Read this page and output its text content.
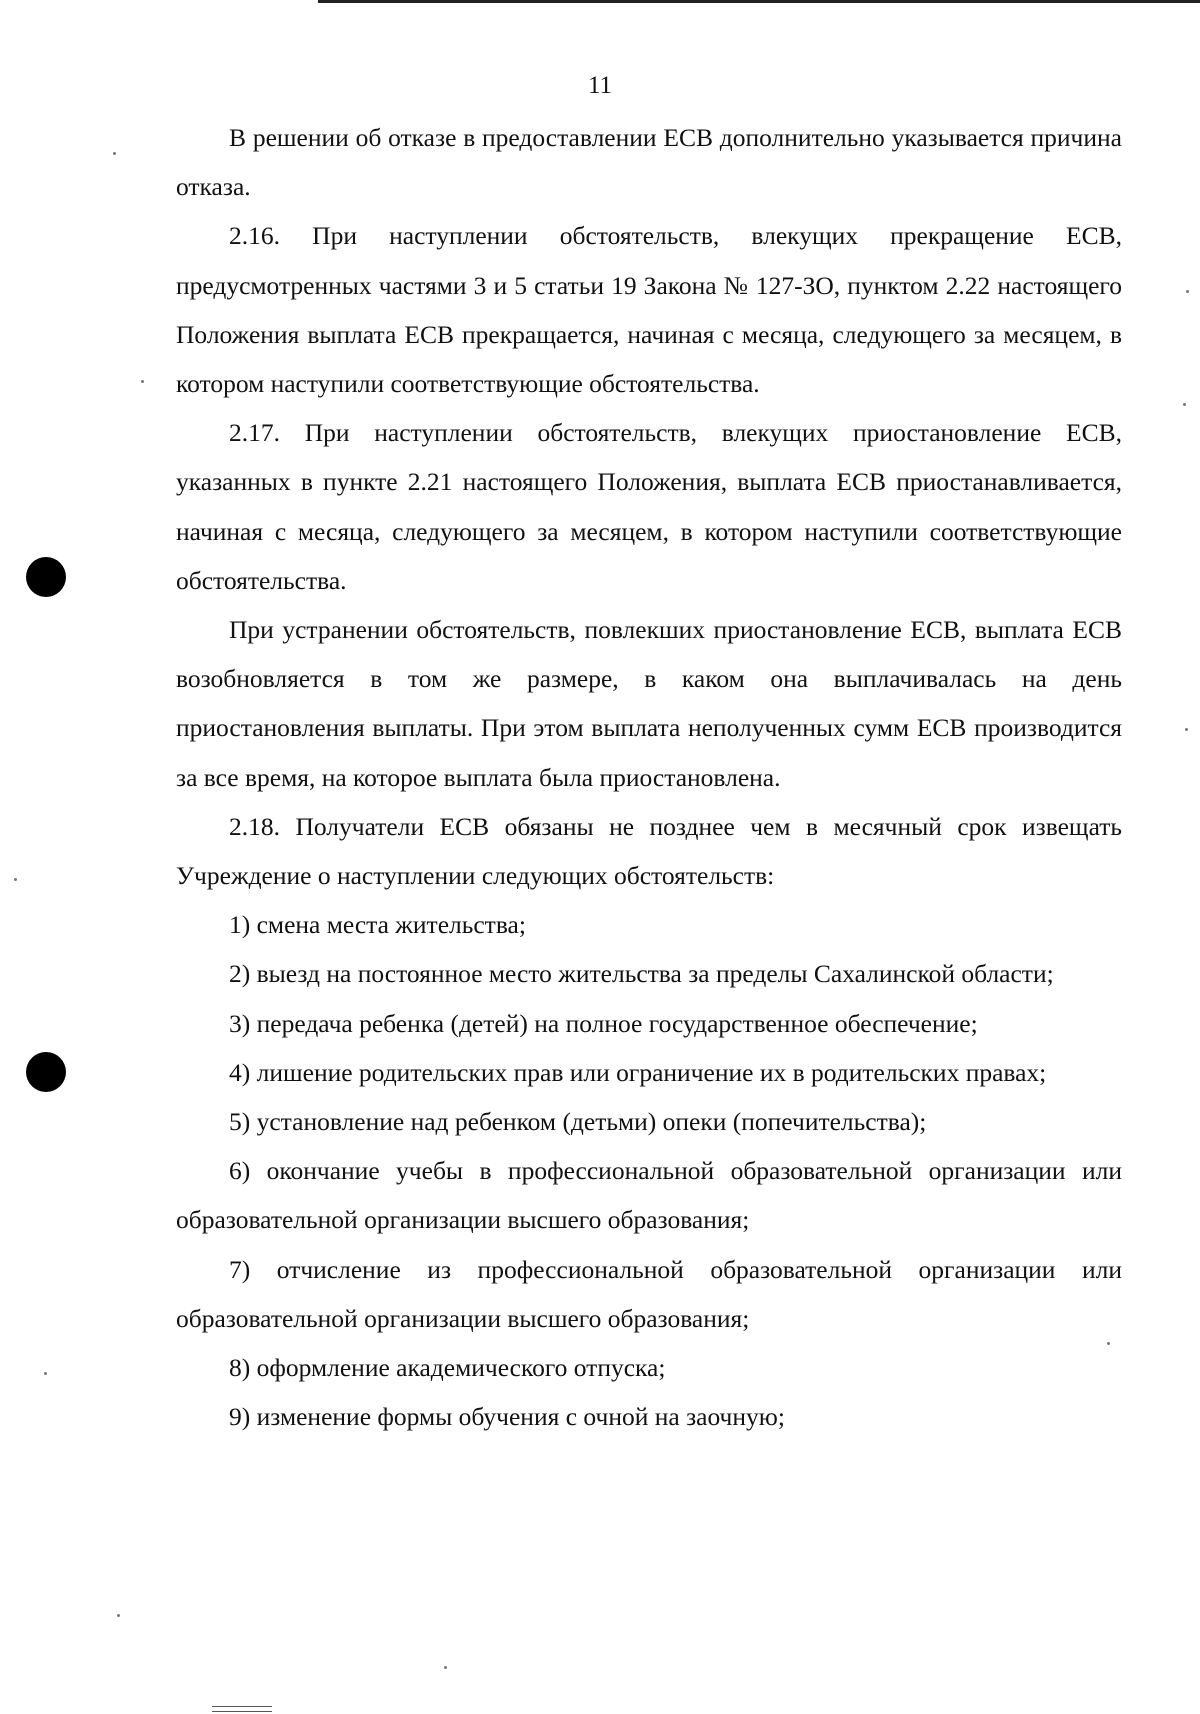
11

В решении об отказе в предоставлении ЕСВ дополнительно указывается причина отказа.

2.16. При наступлении обстоятельств, влекущих прекращение ЕСВ, предусмотренных частями 3 и 5 статьи 19 Закона № 127-ЗО, пунктом 2.22 настоящего Положения выплата ЕСВ прекращается, начиная с месяца, следующего за месяцем, в котором наступили соответствующие обстоятельства.

2.17. При наступлении обстоятельств, влекущих приостановление ЕСВ, указанных в пункте 2.21 настоящего Положения, выплата ЕСВ приостанавливается, начиная с месяца, следующего за месяцем, в котором наступили соответствующие обстоятельства.

При устранении обстоятельств, повлекших приостановление ЕСВ, выплата ЕСВ возобновляется в том же размере, в каком она выплачивалась на день приостановления выплаты. При этом выплата неполученных сумм ЕСВ производится за все время, на которое выплата была приостановлена.

2.18. Получатели ЕСВ обязаны не позднее чем в месячный срок извещать Учреждение о наступлении следующих обстоятельств:

1) смена места жительства;

2) выезд на постоянное место жительства за пределы Сахалинской области;

3) передача ребенка (детей) на полное государственное обеспечение;

4) лишение родительских прав или ограничение их в родительских правах;

5) установление над ребенком (детьми) опеки (попечительства);

6) окончание учебы в профессиональной образовательной организации или образовательной организации высшего образования;

7) отчисление из профессиональной образовательной организации или образовательной организации высшего образования;

8) оформление академического отпуска;

9) изменение формы обучения с очной на заочную;
